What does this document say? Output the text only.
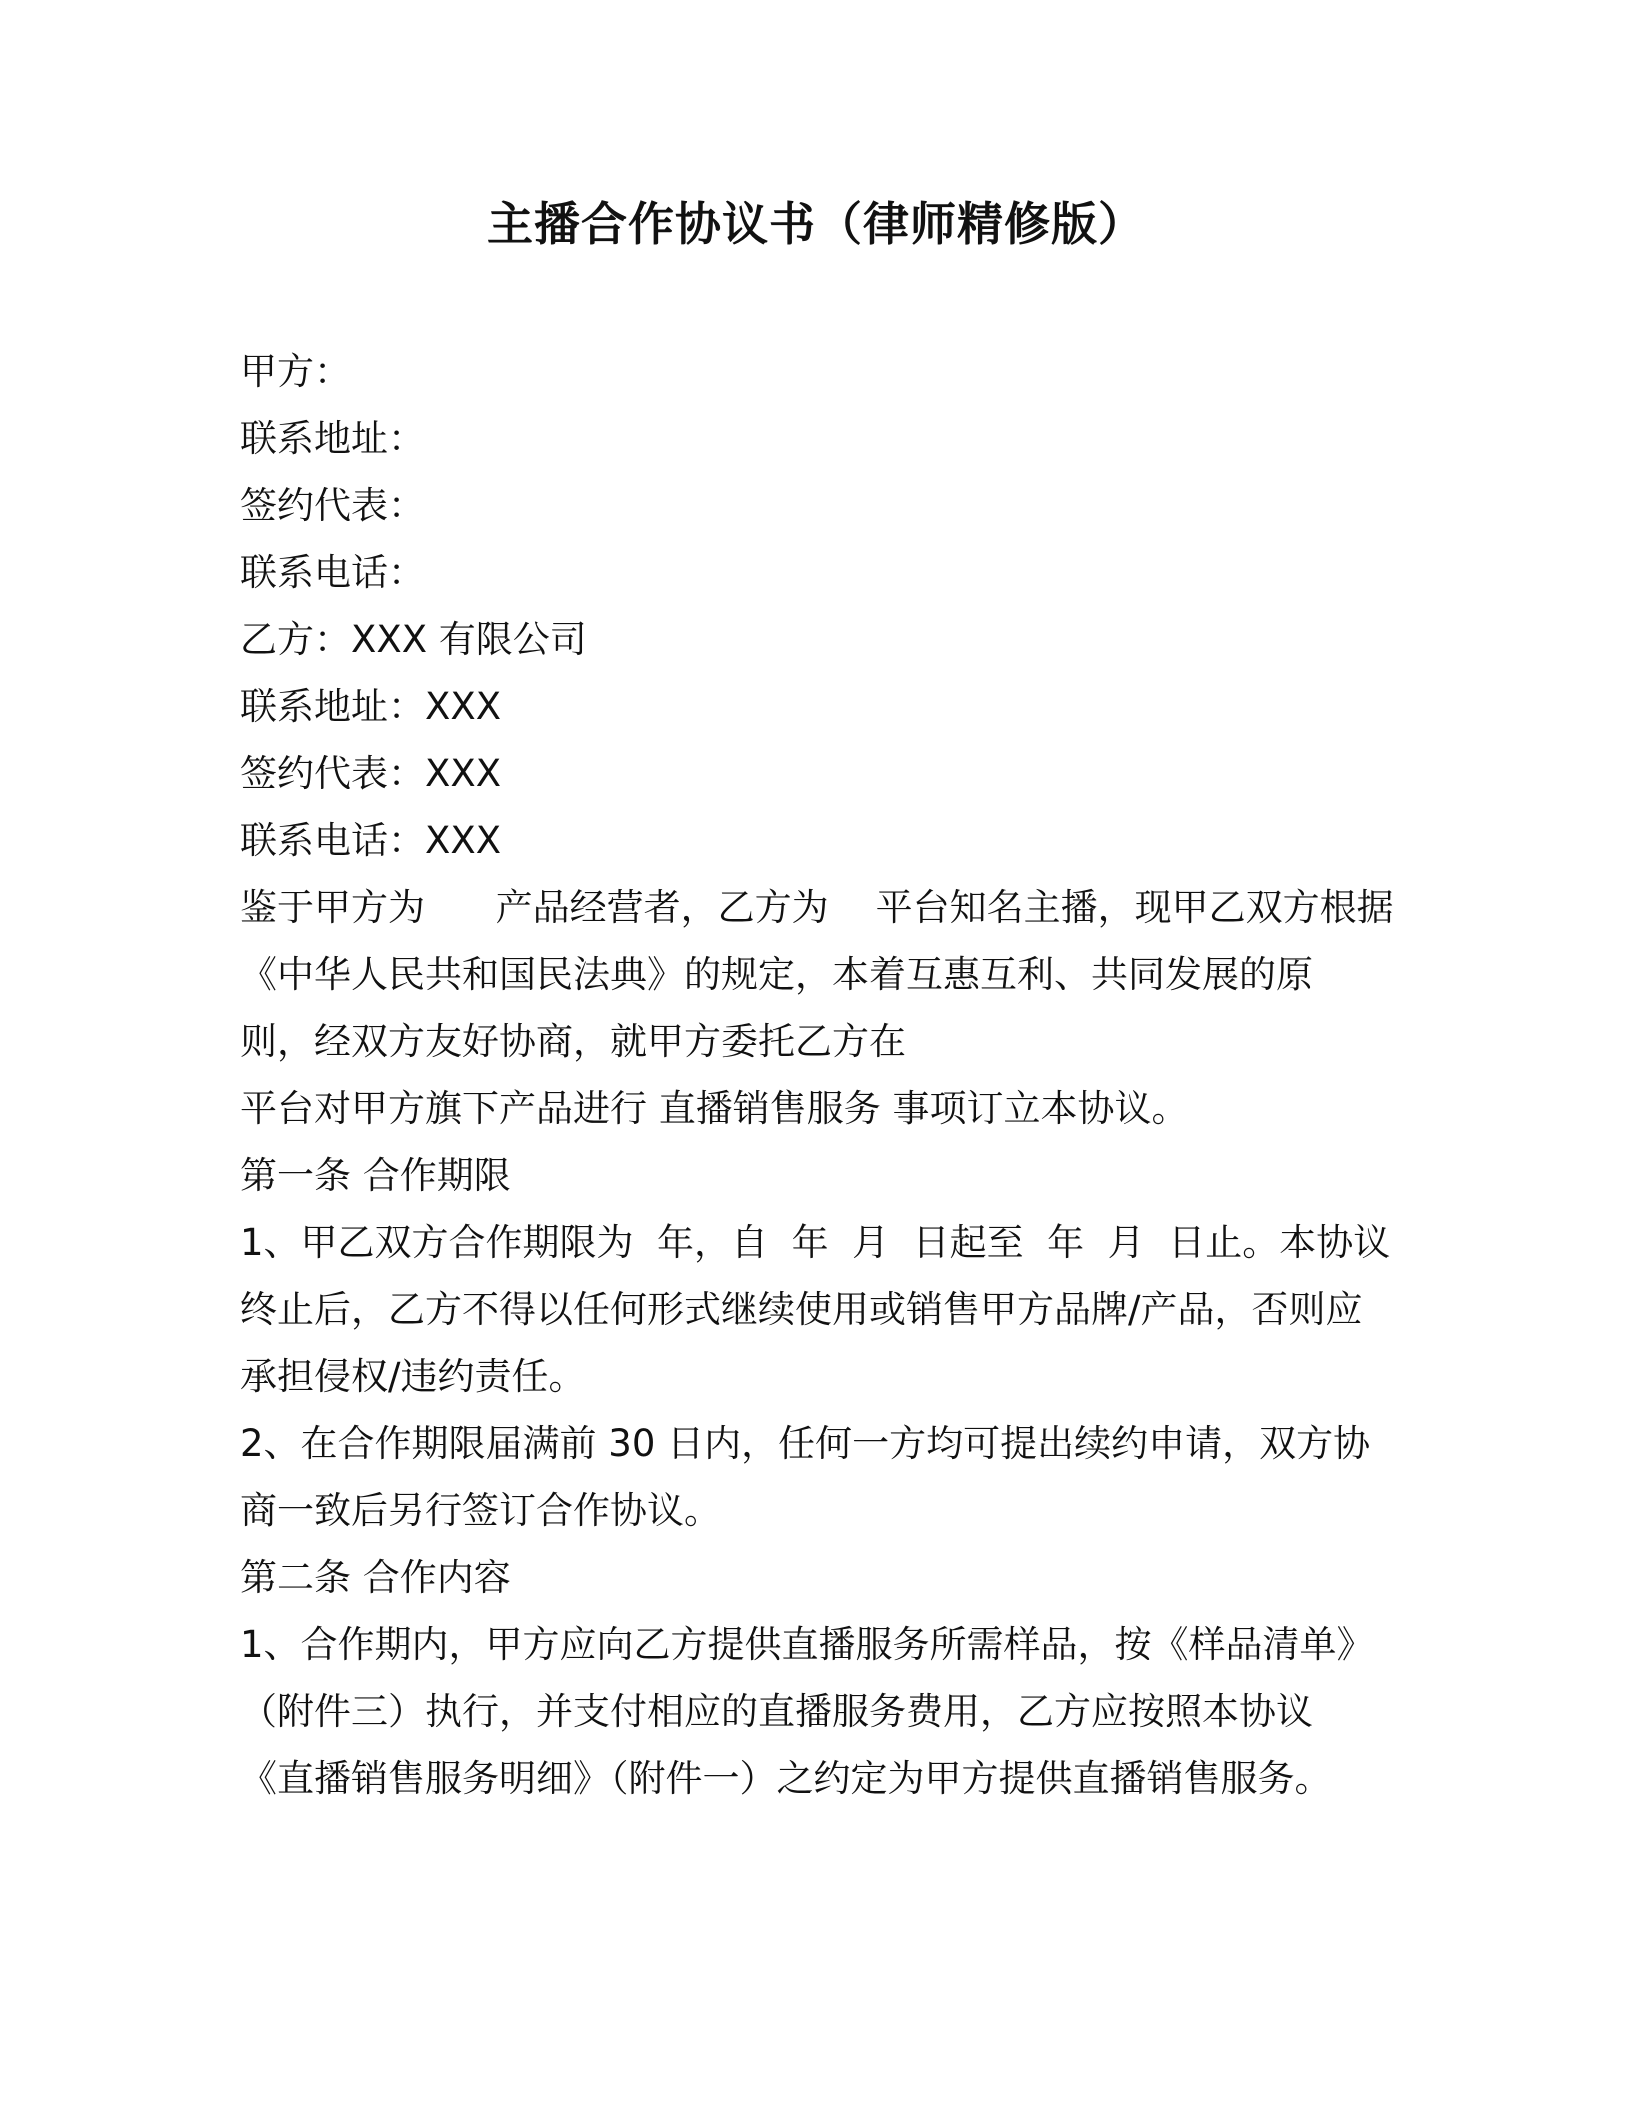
主播合作协议书（律师精修版）
甲方：
联系地址：
签约代表：
联系电话：
乙方：XXX 有限公司
联系地址：XXX
签约代表：XXX
联系电话：XXX
鉴于甲方为      产品经营者，乙方为    平台知名主播，现甲乙双方根据
《中华人民共和国民法典》的规定，本着互惠互利、共同发展的原
则，经双方友好协商，就甲方委托乙方在
平台对甲方旗下产品进行 直播销售服务 事项订立本协议。
第一条 合作期限
1、甲乙双方合作期限为  年，自  年  月  日起至  年  月  日止。本协议
终止后，乙方不得以任何形式继续使用或销售甲方品牌/产品，否则应
承担侵权/违约责任。
2、在合作期限届满前 30 日内，任何一方均可提出续约申请，双方协
商一致后另行签订合作协议。
第二条 合作内容
1、合作期内，甲方应向乙方提供直播服务所需样品，按《样品清单》
（附件三）执行，并支付相应的直播服务费用，乙方应按照本协议
《直播销售服务明细》（附件一）之约定为甲方提供直播销售服务。
